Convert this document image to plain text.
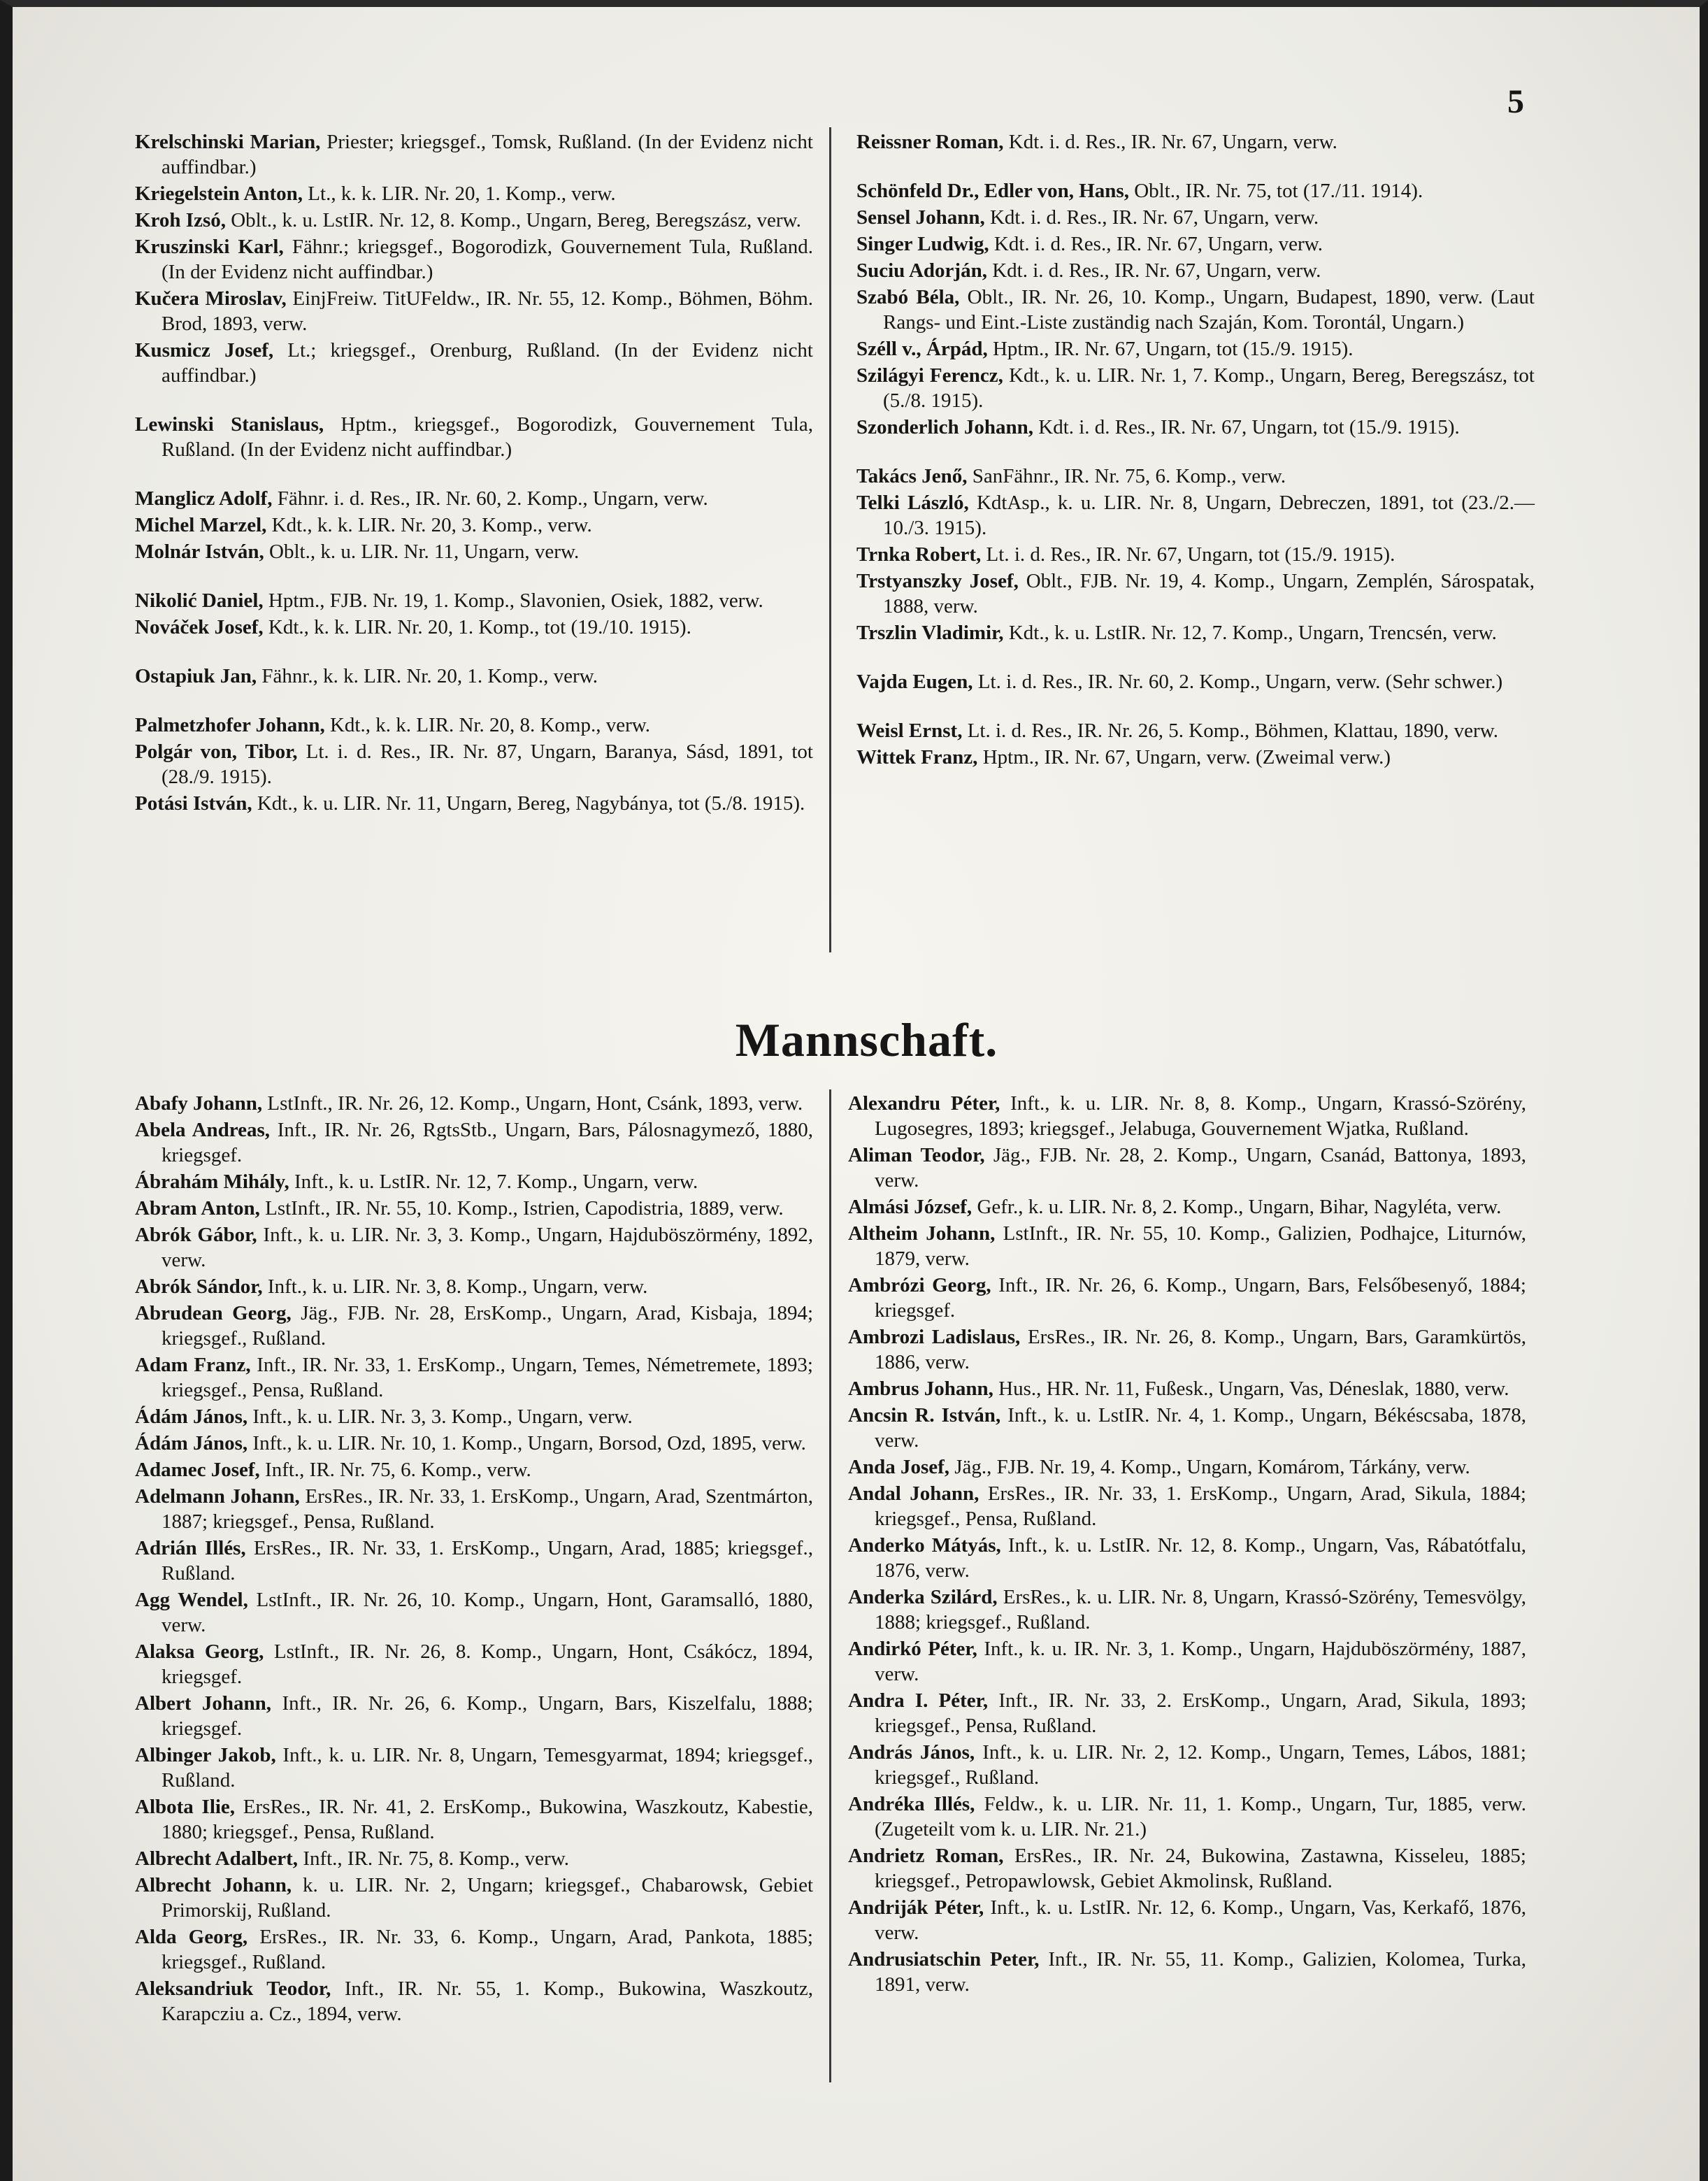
5

Krelschinski Marian, Priester; kriegsgef., Tomsk, Rußland. (In der Evidenz nicht auffindbar.)

Kriegelstein Anton, Lt., k. k. LIR. Nr. 20, 1. Komp., verw.

Kroh Izsó, Oblt., k. u. LstIR. Nr. 12, 8. Komp., Ungarn, Bereg, Beregszász, verw.

Kruszinski Karl, Fähnr.; kriegsgef., Bogorodizk, Gouvernement Tula, Rußland. (In der Evidenz nicht auffindbar.)

Kučera Miroslav, EinjFreiw. TitUFeldw., IR. Nr. 55, 12. Komp., Böhmen, Böhm. Brod, 1893, verw.

Kusmicz Josef, Lt.; kriegsgef., Orenburg, Rußland. (In der Evidenz nicht auffindbar.)

Lewinski Stanislaus, Hptm., kriegsgef., Bogorodizk, Gouvernement Tula, Rußland. (In der Evidenz nicht auffindbar.)

Manglicz Adolf, Fähnr. i. d. Res., IR. Nr. 60, 2. Komp., Ungarn, verw.

Michel Marzel, Kdt., k. k. LIR. Nr. 20, 3. Komp., verw.

Molnár István, Oblt., k. u. LIR. Nr. 11, Ungarn, verw.

Nikolić Daniel, Hptm., FJB. Nr. 19, 1. Komp., Slavonien, Osiek, 1882, verw.

Nováček Josef, Kdt., k. k. LIR. Nr. 20, 1. Komp., tot (19./10. 1915).

Ostapiuk Jan, Fähnr., k. k. LIR. Nr. 20, 1. Komp., verw.

Palmetzhofer Johann, Kdt., k. k. LIR. Nr. 20, 8. Komp., verw.

Polgár von, Tibor, Lt. i. d. Res., IR. Nr. 87, Ungarn, Baranya, Sásd, 1891, tot (28./9. 1915).

Potási István, Kdt., k. u. LIR. Nr. 11, Ungarn, Bereg, Nagybánya, tot (5./8. 1915).

Reissner Roman, Kdt. i. d. Res., IR. Nr. 67, Ungarn, verw.

Schönfeld Dr., Edler von, Hans, Oblt., IR. Nr. 75, tot (17./11. 1914).

Sensel Johann, Kdt. i. d. Res., IR. Nr. 67, Ungarn, verw.

Singer Ludwig, Kdt. i. d. Res., IR. Nr. 67, Ungarn, verw.

Suciu Adorján, Kdt. i. d. Res., IR. Nr. 67, Ungarn, verw.

Szabó Béla, Oblt., IR. Nr. 26, 10. Komp., Ungarn, Budapest, 1890, verw. (Laut Rangs- und Eint.-Liste zuständig nach Szaján, Kom. Torontál, Ungarn.)

Széll v., Árpád, Hptm., IR. Nr. 67, Ungarn, tot (15./9. 1915).

Szilágyi Ferencz, Kdt., k. u. LIR. Nr. 1, 7. Komp., Ungarn, Bereg, Beregszász, tot (5./8. 1915).

Szonderlich Johann, Kdt. i. d. Res., IR. Nr. 67, Ungarn, tot (15./9. 1915).

Takács Jenő, SanFähnr., IR. Nr. 75, 6. Komp., verw.

Telki László, KdtAsp., k. u. LIR. Nr. 8, Ungarn, Debreczen, 1891, tot (23./2.—10./3. 1915).

Trnka Robert, Lt. i. d. Res., IR. Nr. 67, Ungarn, tot (15./9. 1915).

Trstyanszky Josef, Oblt., FJB. Nr. 19, 4. Komp., Ungarn, Zemplén, Sárospatak, 1888, verw.

Trszlin Vladimir, Kdt., k. u. LstIR. Nr. 12, 7. Komp., Ungarn, Trencsén, verw.

Vajda Eugen, Lt. i. d. Res., IR. Nr. 60, 2. Komp., Ungarn, verw. (Sehr schwer.)

Weisl Ernst, Lt. i. d. Res., IR. Nr. 26, 5. Komp., Böhmen, Klattau, 1890, verw.

Wittek Franz, Hptm., IR. Nr. 67, Ungarn, verw. (Zweimal verw.)

Mannschaft.

Abafy Johann, LstInft., IR. Nr. 26, 12. Komp., Ungarn, Hont, Csánk, 1893, verw.

Abela Andreas, Inft., IR. Nr. 26, RgtsStb., Ungarn, Bars, Pálosnagymező, 1880, kriegsgef.

Ábrahám Mihály, Inft., k. u. LstIR. Nr. 12, 7. Komp., Ungarn, verw.

Abram Anton, LstInft., IR. Nr. 55, 10. Komp., Istrien, Capodistria, 1889, verw.

Abrók Gábor, Inft., k. u. LIR. Nr. 3, 3. Komp., Ungarn, Hajduböszörmény, 1892, verw.

Abrók Sándor, Inft., k. u. LIR. Nr. 3, 8. Komp., Ungarn, verw.

Abrudean Georg, Jäg., FJB. Nr. 28, ErsKomp., Ungarn, Arad, Kisbaja, 1894; kriegsgef., Rußland.

Adam Franz, Inft., IR. Nr. 33, 1. ErsKomp., Ungarn, Temes, Németremete, 1893; kriegsgef., Pensa, Rußland.

Ádám János, Inft., k. u. LIR. Nr. 3, 3. Komp., Ungarn, verw.

Ádám János, Inft., k. u. LIR. Nr. 10, 1. Komp., Ungarn, Borsod, Ozd, 1895, verw.

Adamec Josef, Inft., IR. Nr. 75, 6. Komp., verw.

Adelmann Johann, ErsRes., IR. Nr. 33, 1. ErsKomp., Ungarn, Arad, Szentmárton, 1887; kriegsgef., Pensa, Rußland.

Adrián Illés, ErsRes., IR. Nr. 33, 1. ErsKomp., Ungarn, Arad, 1885; kriegsgef., Rußland.

Agg Wendel, LstInft., IR. Nr. 26, 10. Komp., Ungarn, Hont, Garamsalló, 1880, verw.

Alaksa Georg, LstInft., IR. Nr. 26, 8. Komp., Ungarn, Hont, Csákócz, 1894, kriegsgef.

Albert Johann, Inft., IR. Nr. 26, 6. Komp., Ungarn, Bars, Kiszelfalu, 1888; kriegsgef.

Albinger Jakob, Inft., k. u. LIR. Nr. 8, Ungarn, Temesgyarmat, 1894; kriegsgef., Rußland.

Albota Ilie, ErsRes., IR. Nr. 41, 2. ErsKomp., Bukowina, Waszkoutz, Kabestie, 1880; kriegsgef., Pensa, Rußland.

Albrecht Adalbert, Inft., IR. Nr. 75, 8. Komp., verw.

Albrecht Johann, k. u. LIR. Nr. 2, Ungarn; kriegsgef., Chabarowsk, Gebiet Primorskij, Rußland.

Alda Georg, ErsRes., IR. Nr. 33, 6. Komp., Ungarn, Arad, Pankota, 1885; kriegsgef., Rußland.

Aleksandriuk Teodor, Inft., IR. Nr. 55, 1. Komp., Bukowina, Waszkoutz, Karapcziu a. Cz., 1894, verw.

Alexandru Péter, Inft., k. u. LIR. Nr. 8, 8. Komp., Ungarn, Krassó-Szörény, Lugosegres, 1893; kriegsgef., Jelabuga, Gouvernement Wjatka, Rußland.

Aliman Teodor, Jäg., FJB. Nr. 28, 2. Komp., Ungarn, Csanád, Battonya, 1893, verw.

Almási József, Gefr., k. u. LIR. Nr. 8, 2. Komp., Ungarn, Bihar, Nagyléta, verw.

Altheim Johann, LstInft., IR. Nr. 55, 10. Komp., Galizien, Podhajce, Liturnów, 1879, verw.

Ambrózi Georg, Inft., IR. Nr. 26, 6. Komp., Ungarn, Bars, Felsőbesenyő, 1884; kriegsgef.

Ambrozi Ladislaus, ErsRes., IR. Nr. 26, 8. Komp., Ungarn, Bars, Garamkürtös, 1886, verw.

Ambrus Johann, Hus., HR. Nr. 11, Fußesk., Ungarn, Vas, Déneslak, 1880, verw.

Ancsin R. István, Inft., k. u. LstIR. Nr. 4, 1. Komp., Ungarn, Békéscsaba, 1878, verw.

Anda Josef, Jäg., FJB. Nr. 19, 4. Komp., Ungarn, Komárom, Tárkány, verw.

Andal Johann, ErsRes., IR. Nr. 33, 1. ErsKomp., Ungarn, Arad, Sikula, 1884; kriegsgef., Pensa, Rußland.

Anderko Mátyás, Inft., k. u. LstIR. Nr. 12, 8. Komp., Ungarn, Vas, Rábatótfalu, 1876, verw.

Anderka Szilárd, ErsRes., k. u. LIR. Nr. 8, Ungarn, Krassó-Szörény, Temesvölgy, 1888; kriegsgef., Rußland.

Andirkó Péter, Inft., k. u. IR. Nr. 3, 1. Komp., Ungarn, Hajduböszörmény, 1887, verw.

Andra I. Péter, Inft., IR. Nr. 33, 2. ErsKomp., Ungarn, Arad, Sikula, 1893; kriegsgef., Pensa, Rußland.

András János, Inft., k. u. LIR. Nr. 2, 12. Komp., Ungarn, Temes, Lábos, 1881; kriegsgef., Rußland.

Andréka Illés, Feldw., k. u. LIR. Nr. 11, 1. Komp., Ungarn, Tur, 1885, verw. (Zugeteilt vom k. u. LIR. Nr. 21.)

Andrietz Roman, ErsRes., IR. Nr. 24, Bukowina, Zastawna, Kisseleu, 1885; kriegsgef., Petropawlowsk, Gebiet Akmolinsk, Rußland.

Andriják Péter, Inft., k. u. LstIR. Nr. 12, 6. Komp., Ungarn, Vas, Kerkafő, 1876, verw.

Andrusiatschin Peter, Inft., IR. Nr. 55, 11. Komp., Galizien, Kolomea, Turka, 1891, verw.
